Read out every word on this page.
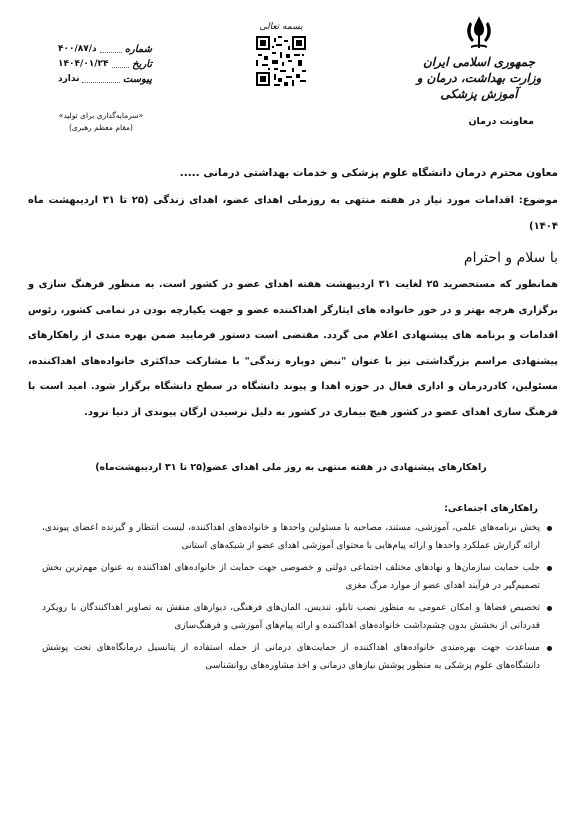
جمهوری اسلامی ایران
وزارت بهداشت، درمان و آموزش پزشکی
معاونت درمان
بسمه تعالی
شماره
۴۰۰/۸۷/د
تاریخ
۱۴۰۴/۰۱/۲۴
پیوست
ندارد
«سرمایه‌گذاری برای تولید»
(مقام معظم رهبری)
معاون محترم درمان دانشگاه علوم پزشکی و خدمات بهداشتی درمانی .....
موضوع: اقدامات مورد نیاز در هفته منتهی به روزملی اهدای عضو، اهدای زندگی (۲۵ تا ۳۱ اردیبهشت ماه ۱۴۰۴)
با سلام و احترام
همانطور که مستحضرید ۲۵ لغایت ۳۱ اردیبهشت هفته اهدای عضو در کشور است. به منظور فرهنگ سازی و برگزاری هرچه بهتر و در خور خانواده های ایثارگر اهداکننده عضو و جهت یکپارچه بودن در تمامی کشور، رئوس اقدامات و برنامه های پیشنهادی اعلام می گردد. مقتضی است دستور فرمایید ضمن بهره مندی از راهکارهای پیشنهادی مراسم بزرگداشتی نیز با عنوان "نبض دوباره زندگی" با مشارکت حداکثری خانواده‌های اهداکننده، مسئولین، کادردرمان و اداری فعال در حوزه اهدا و پیوند دانشگاه در سطح دانشگاه برگزار شود. امید است با فرهنگ سازی اهدای عضو در کشور هیچ بیماری در کشور به دلیل نرسیدن ارگان پیوندی از دنیا نرود.
راهکارهای پیشنهادی در هفته منتهی به روز ملی اهدای عضو(۲۵ تا ۳۱ اردیبهشت‌ماه)
راهکارهای اجتماعی:
پخش برنامه‌های علمی، آموزشی، مستند، مصاحبه با مسئولین واحدها و خانواده‌های اهداکننده، لیست انتظار و گیرنده اعضای پیوندی، ارائه گزارش عملکرد واحدها و ارائه پیام‌هایی با محتوای آموزشی اهدای عضو از شبکه‌های استانی
جلب حمایت سازمان‌ها و نهادهای مختلف اجتماعی دولتی و خصوصی جهت حمایت از خانواده‌های اهداکننده به عنوان مهم‌ترین بخش تصمیم‌گیر در فرآیند اهدای عضو از موارد مرگ مغزی
تخصیص فضاها و امکان عمومی به منظور نصب تابلو، تندیس، المان‌های فرهنگی، دیوارهای منقش به تصاویر اهداکنندگان با رویکرد قدردانی از بخشش بدون چشم‌داشت خانواده‌های اهداکننده و ارائه پیام‌های آموزشی و فرهنگ‌سازی
مساعدت جهت بهره‌مندی خانواده‌های اهداکننده از حمایت‌های درمانی از جمله استفاده از پتانسیل درمانگاه‌های تحت پوشش دانشگاه‌های علوم پزشکی به منظور پوشش نیازهای درمانی و اخذ مشاوره‌های روانشناسی
